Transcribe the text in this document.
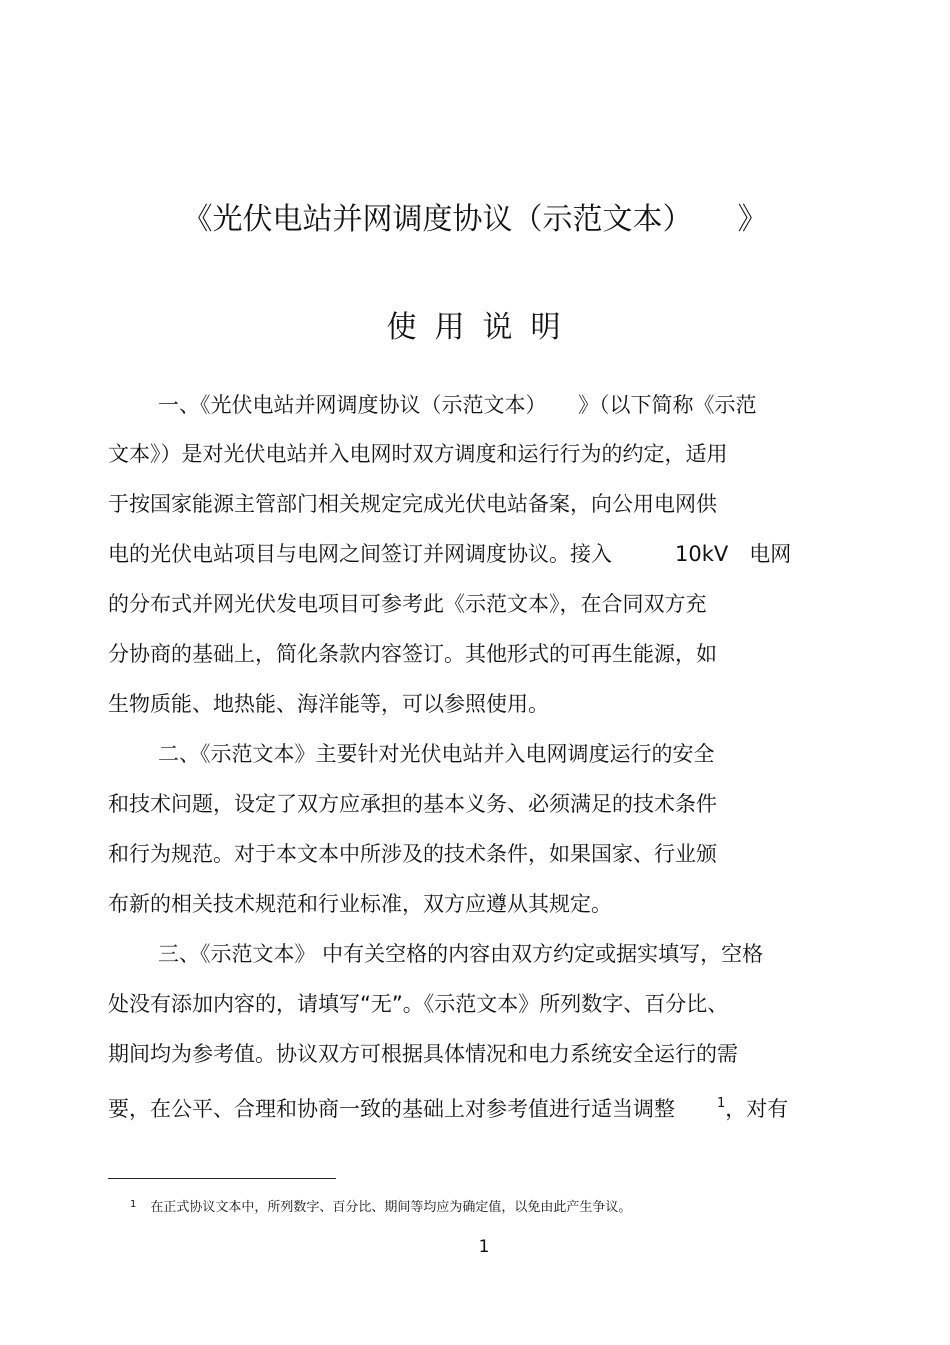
《光伏电站并网调度协议（示范文本）　　》
使用说明
一、《光伏电站并网调度协议（示范文本）　　》（以下简称《示范
文本》）是对光伏电站并入电网时双方调度和运行行为的约定，适用
于按国家能源主管部门相关规定完成光伏电站备案，向公用电网供
电的光伏电站项目与电网之间签订并网调度协议。接入　　　10kV　电网
的分布式并网光伏发电项目可参考此《示范文本》，在合同双方充
分协商的基础上，简化条款内容签订。其他形式的可再生能源，如
生物质能、地热能、海洋能等，可以参照使用。
二、《示范文本》主要针对光伏电站并入电网调度运行的安全
和技术问题，设定了双方应承担的基本义务、必须满足的技术条件
和行为规范。对于本文本中所涉及的技术条件，如果国家、行业颁
布新的相关技术规范和行业标准，双方应遵从其规定。
三、《示范文本》 中有关空格的内容由双方约定或据实填写，空格
处没有添加内容的，请填写“无”。《示范文本》所列数字、百分比、
期间均为参考值。协议双方可根据具体情况和电力系统安全运行的需
要，在公平、合理和协商一致的基础上对参考值进行适当调整　　$^1$，对有
$^1$ 在正式协议文本中，所列数字、百分比、期间等均应为确定值，以免由此产生争议。
1
